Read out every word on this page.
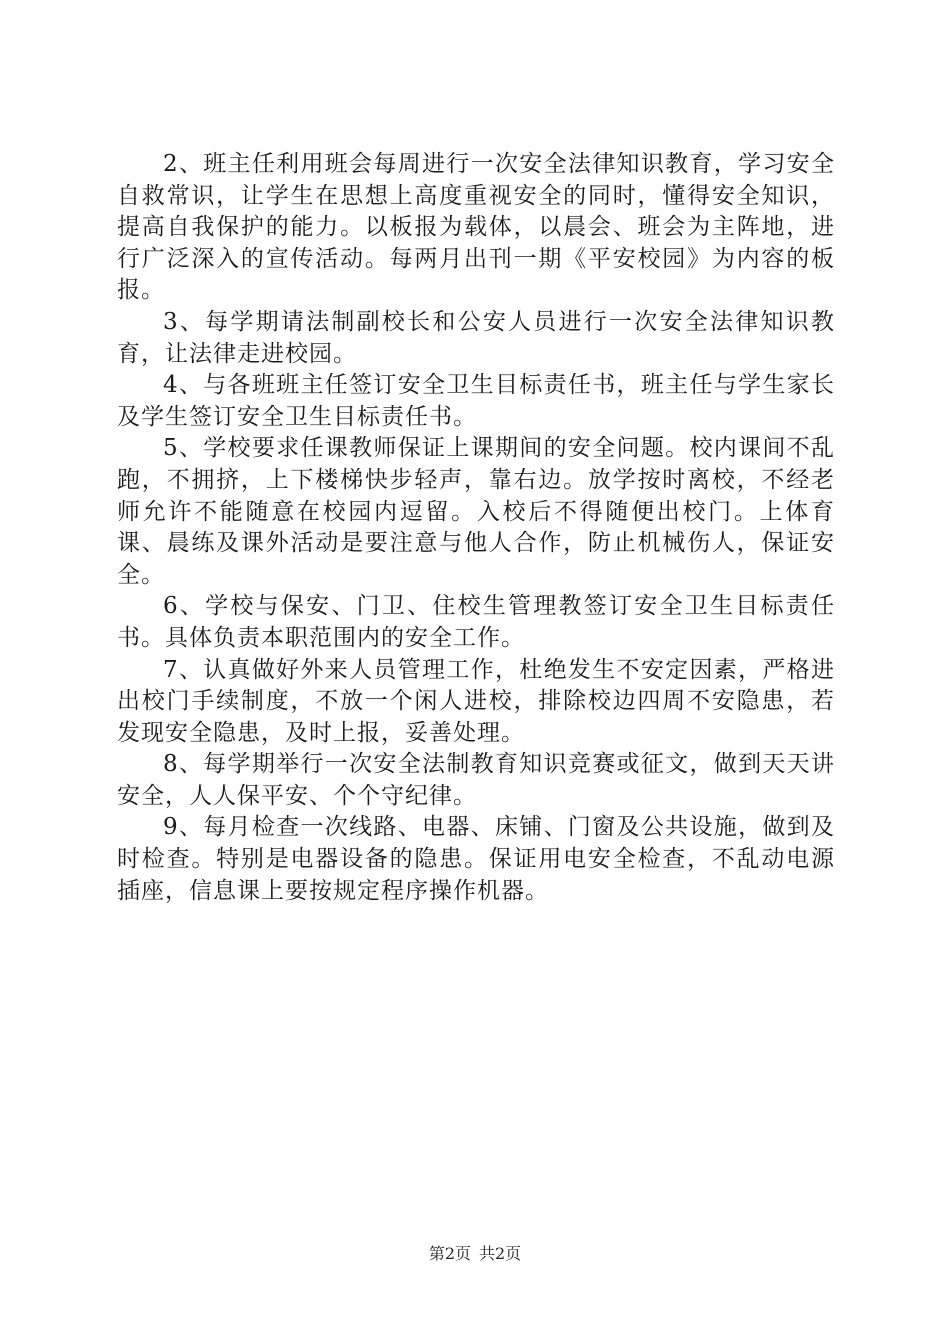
2、班主任利用班会每周进行一次安全法律知识教育，学习安全自救常识，让学生在思想上高度重视安全的同时，懂得安全知识，提高自我保护的能力。以板报为载体，以晨会、班会为主阵地，进行广泛深入的宣传活动。每两月出刊一期《平安校园》为内容的板报。

3、每学期请法制副校长和公安人员进行一次安全法律知识教育，让法律走进校园。

4、与各班班主任签订安全卫生目标责任书，班主任与学生家长及学生签订安全卫生目标责任书。

5、学校要求任课教师保证上课期间的安全问题。校内课间不乱跑，不拥挤，上下楼梯快步轻声，靠右边。放学按时离校，不经老师允许不能随意在校园内逗留。入校后不得随便出校门。上体育课、晨练及课外活动是要注意与他人合作，防止机械伤人，保证安全。

6、学校与保安、门卫、住校生管理教签订安全卫生目标责任书。具体负责本职范围内的安全工作。

7、认真做好外来人员管理工作，杜绝发生不安定因素，严格进出校门手续制度，不放一个闲人进校，排除校边四周不安隐患，若发现安全隐患，及时上报，妥善处理。

8、每学期举行一次安全法制教育知识竞赛或征文，做到天天讲安全，人人保平安、个个守纪律。

9、每月检查一次线路、电器、床铺、门窗及公共设施，做到及时检查。特别是电器设备的隐患。保证用电安全检查，不乱动电源插座，信息课上要按规定程序操作机器。

第2页 共2页
